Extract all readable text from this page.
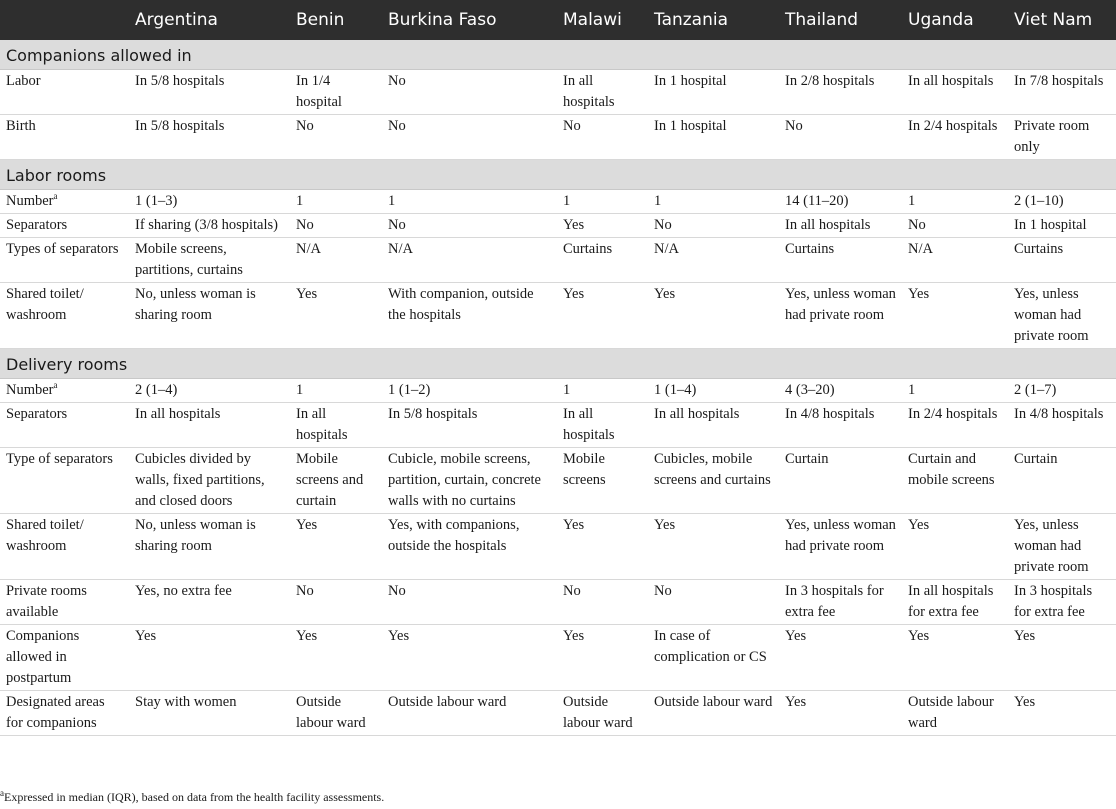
	Argentina	Benin	Burkina Faso	Malawi	Tanzania	Thailand	Uganda	Viet Nam
Companions allowed in								
Labor	In 5/8 hospitals	In 1/4 hospital	No	In all hospitals	In 1 hospital	In 2/8 hospitals	In all hospitals	In 7/8 hospitals
Birth	In 5/8 hospitals	No	No	No	In 1 hospital	No	In 2/4 hospitals	Private room only
Labor rooms								
Number$^a$	1 (1–3)	1	1	1	1	14 (11–20)	1	2 (1–10)
Separators	If sharing (3/8 hospitals)	No	No	Yes	No	In all hospitals	No	In 1 hospital
Types of separators	Mobile screens, partitions, curtains	N/A	N/A	Curtains	N/A	Curtains	N/A	Curtains
Shared toilet/ washroom	No, unless woman is sharing room	Yes	With companion, outside the hospitals	Yes	Yes	Yes, unless woman had private room	Yes	Yes, unless woman had private room
Delivery rooms								
Number$^a$	2 (1–4)	1	1 (1–2)	1	1 (1–4)	4 (3–20)	1	2 (1–7)
Separators	In all hospitals	In all hospitals	In 5/8 hospitals	In all hospitals	In all hospitals	In 4/8 hospitals	In 2/4 hospitals	In 4/8 hospitals
Type of separators	Cubicles divided by walls, fixed partitions, and closed doors	Mobile screens and curtain	Cubicle, mobile screens, partition, curtain, concrete walls with no curtains	Mobile screens	Cubicles, mobile screens and curtains	Curtain	Curtain and mobile screens	Curtain
Shared toilet/ washroom	No, unless woman is sharing room	Yes	Yes, with companions, outside the hospitals	Yes	Yes	Yes, unless woman had private room	Yes	Yes, unless woman had private room
Private rooms available	Yes, no extra fee	No	No	No	No	In 3 hospitals for extra fee	In all hospitals for extra fee	In 3 hospitals for extra fee
Companions allowed in postpartum	Yes	Yes	Yes	Yes	In case of complication or CS	Yes	Yes	Yes
Designated areas for companions	Stay with women	Outside labour ward	Outside labour ward	Outside labour ward	Outside labour ward	Yes	Outside labour ward	Yes
$^a$Expressed in median (IQR), based on data from the health facility assessments.
